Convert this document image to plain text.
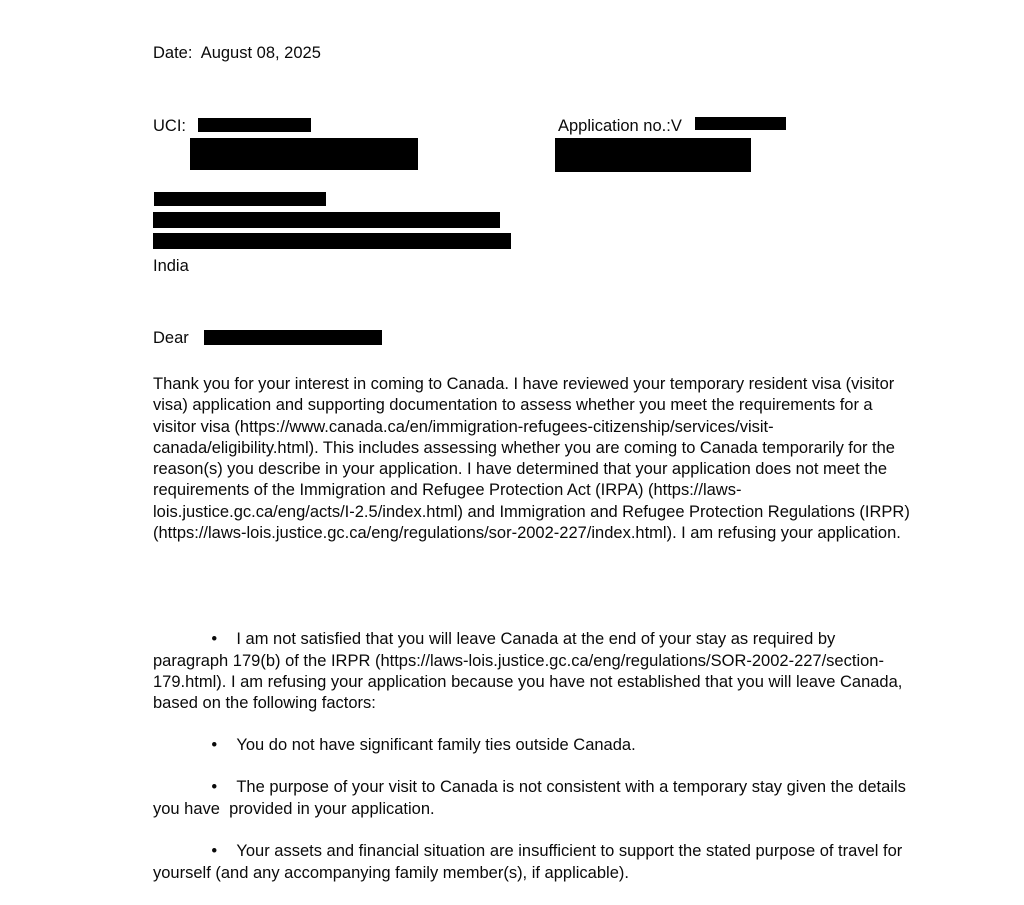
Date:  August 08, 2025
UCI:	Application no.:V
India
Dear
Thank you for your interest in coming to Canada. I have reviewed your temporary resident visa (visitor visa) application and supporting documentation to assess whether you meet the requirements for a visitor visa (https://www.canada.ca/en/immigration-refugees-citizenship/services/visit-canada/eligibility.html). This includes assessing whether you are coming to Canada temporarily for the reason(s) you describe in your application. I have determined that your application does not meet the requirements of the Immigration and Refugee Protection Act (IRPA) (https://laws-lois.justice.gc.ca/eng/acts/I-2.5/index.html) and Immigration and Refugee Protection Regulations (IRPR) (https://laws-lois.justice.gc.ca/eng/regulations/sor-2002-227/index.html). I am refusing your application.

• I am not satisfied that you will leave Canada at the end of your stay as required by paragraph 179(b) of the IRPR (https://laws-lois.justice.gc.ca/eng/regulations/SOR-2002-227/section-179.html). I am refusing your application because you have not established that you will leave Canada, based on the following factors:

• You do not have significant family ties outside Canada.

• The purpose of your visit to Canada is not consistent with a temporary stay given the details you have  provided in your application.

• Your assets and financial situation are insufficient to support the stated purpose of travel for yourself (and any accompanying family member(s), if applicable).
